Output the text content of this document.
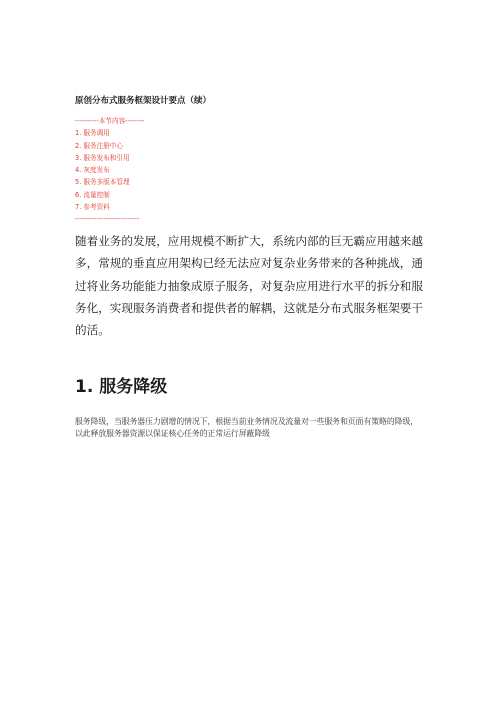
原创分布式服务框架设计要点（续）
----------本节内容--------
1. 服务调用
2. 服务注册中心
3. 服务发布和引用
4. 灰度发布
5. 服务多版本管理
6. 流量控制
7. 参考资料
---------------------------

随着业务的发展，应用规模不断扩大，系统内部的巨无霸应用越来越多，常规的垂直应用架构已经无法应对复杂业务带来的各种挑战，通过将业务功能能力抽象成原子服务，对复杂应用进行水平的拆分和服务化，实现服务消费者和提供者的解耦，这就是分布式服务框架要干的活。

1. 服务降级

服务降级，当服务器压力剧增的情况下，根据当前业务情况及流量对一些服务和页面有策略的降级，以此释放服务器资源以保证核心任务的正常运行屏蔽降级
